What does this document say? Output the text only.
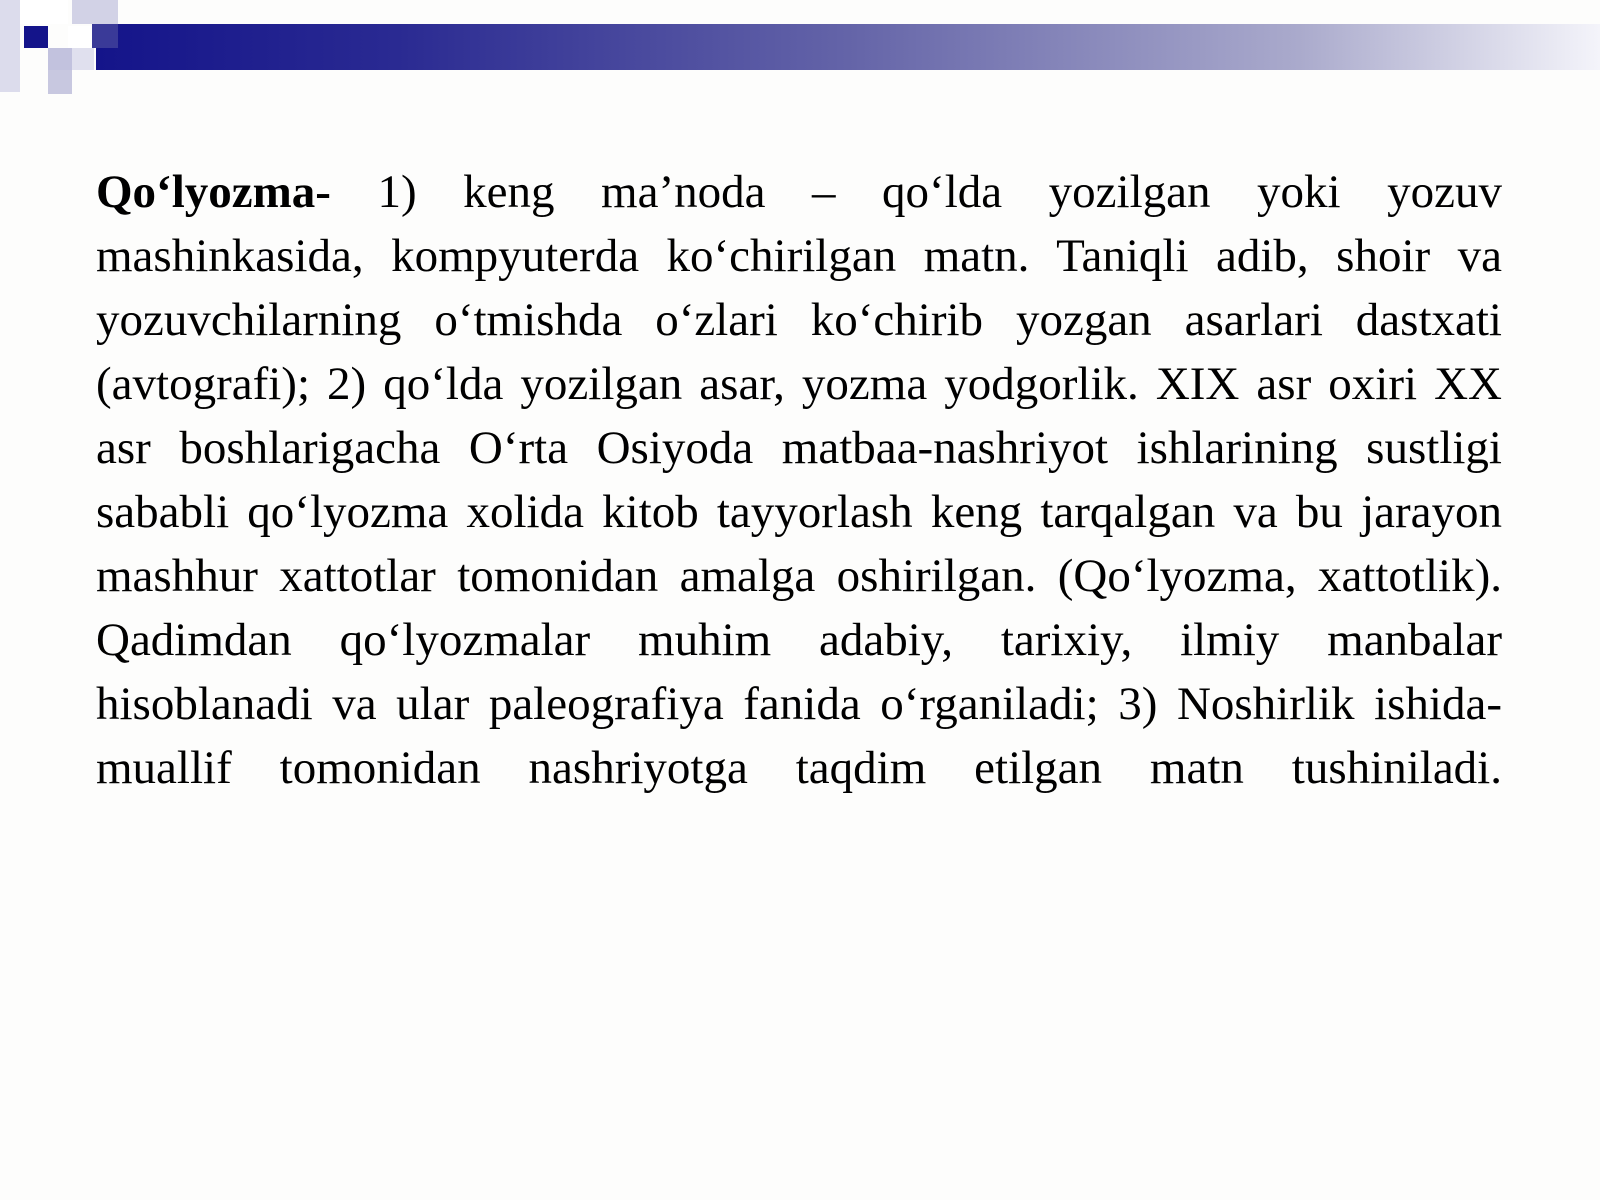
Qo‘lyozma- 1) keng ma’noda – qo‘lda yozilgan yoki yozuv mashinkasida, kompyuterda ko‘chirilgan matn. Taniqli adib, shoir va yozuvchilarning o‘tmishda o‘zlari ko‘chirib yozgan asarlari dastxati (avtografi); 2) qo‘lda yozilgan asar, yozma yodgorlik. XIX asr oxiri XX asr boshlarigacha O‘rta Osiyoda matbaa-nashriyot ishlarining sustligi sababli qo‘lyozma xolida kitob tayyorlash keng tarqalgan va bu jarayon mashhur xattotlar tomonidan amalga oshirilgan. (Qo‘lyozma, xattotlik). Qadimdan qo‘lyozmalar muhim adabiy, tarixiy, ilmiy manbalar hisoblanadi va ular paleografiya fanida o‘rganiladi; 3) Noshirlik ishida- muallif tomonidan nashriyotga taqdim etilgan matn tushiniladi.
